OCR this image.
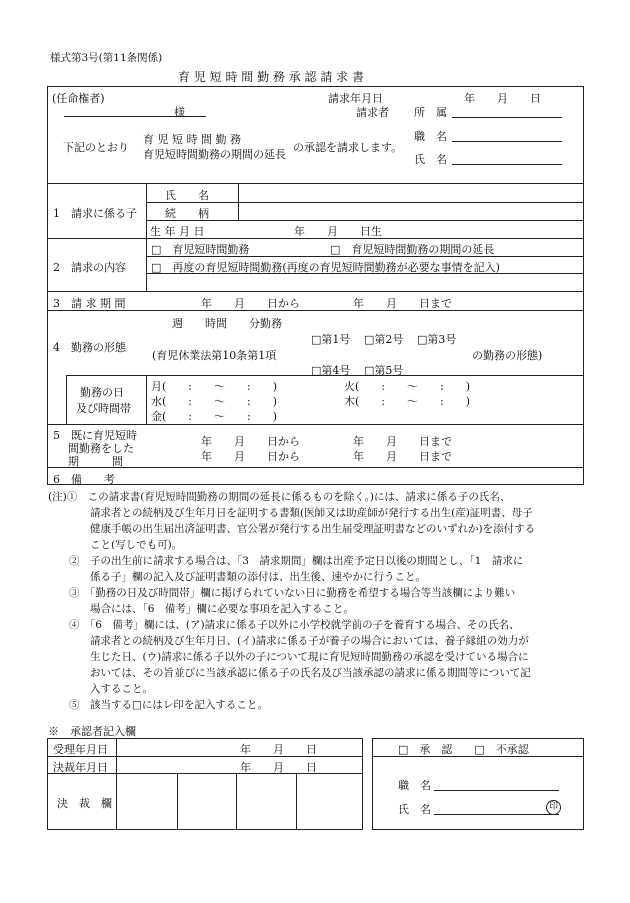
様式第3号(第11条関係)
育 児 短 時 間 勤 務 承 認 請 求 書
(任命権者)
様
請求年月日	年　　月　　日
請求者 所　属
職　名
氏　名
下記のとおり
育 児 短 時 間 勤 務
育児短時間勤務の期間の延長
の承認を請求します。
1　請求に係る子
氏　　名
続　　柄
生 年 月 日	年　　月　　日生
2　請求の内容
□　育児短時間勤務	□　育児短時間勤務の期間の延長
□　再度の育児短時間勤務(再度の育児短時間勤務が必要な事情を記入)
3　請 求 期 間	年　　月　　日から	年　　月　　日まで
4　勤務の形態
週　　時間　　分勤務
□第1号 □第2号 □第3号
(育児休業法第10条第1項	の勤務の形態)
□第4号 □第5号
勤務の日
及び時間帯
月(　　:　　〜　　:　　)	火(　　:　　〜　　:　　)
水(　　:　　〜　　:　　)	木(　　:　　〜　　:　　)
金(　　:　　〜　　:　　)
5　既に育児短時
間勤務をした
期　　　間
年　　月　　日から	年　　月　　日まで
年　　月　　日から	年　　月　　日まで
6　備　　考
(注)①　この請求書(育児短時間勤務の期間の延長に係るものを除く。)には、請求に係る子の氏名、
　　　　請求者との続柄及び生年月日を証明する書類(医師又は助産師が発行する出生(産)証明書、母子
　　　　健康手帳の出生届出済証明書、官公署が発行する出生届受理証明書などのいずれか)を添付する
　　　　こと(写しでも可)。
　　②　子の出生前に請求する場合は、「3　請求期間」欄は出産予定日以後の期間とし、「1　請求に
　　　　係る子」欄の記入及び証明書類の添付は、出生後、速やかに行うこと。
　　③　「勤務の日及び時間帯」欄に掲げられていない日に勤務を希望する場合等当該欄により難い
　　　　場合には、「6　備考」欄に必要な事項を記入すること。
　　④　「6　備考」欄には、(ア)請求に係る子以外に小学校就学前の子を養育する場合、その氏名、
　　　　請求者との続柄及び生年月日、(イ)請求に係る子が養子の場合においては、養子縁組の効力が
　　　　生じた日、(ウ)請求に係る子以外の子について現に育児短時間勤務の承認を受けている場合に
　　　　おいては、その旨並びに当該承認に係る子の氏名及び当該承認の請求に係る期間等について記
　　　　入すること。
　　⑤　該当する□にはレ印を記入すること。
※　承認者記入欄
受理年月日	年　　月　　日
決裁年月日	年　　月　　日
決　裁　欄
□　承　認　　□　不承認
職　名
氏　名	印
